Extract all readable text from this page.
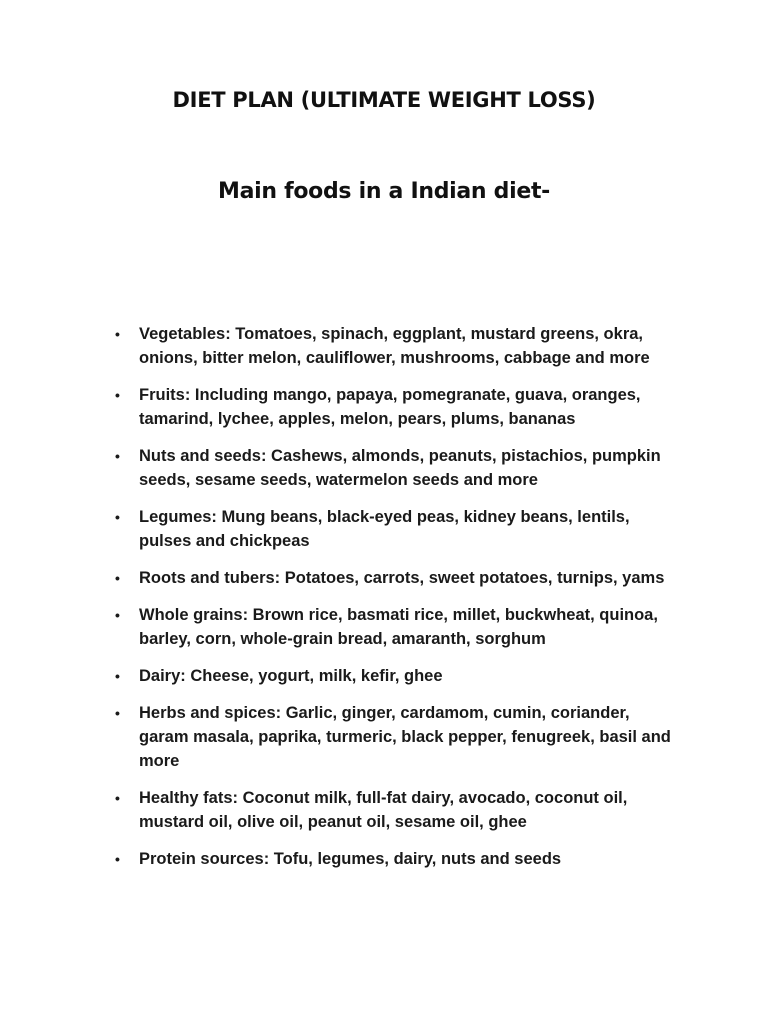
DIET PLAN (ULTIMATE WEIGHT LOSS)
Main foods in a Indian diet-
• Vegetables: Tomatoes, spinach, eggplant, mustard greens, okra, onions, bitter melon, cauliflower, mushrooms, cabbage and more
• Fruits: Including mango, papaya, pomegranate, guava, oranges, tamarind, lychee, apples, melon, pears, plums, bananas
• Nuts and seeds: Cashews, almonds, peanuts, pistachios, pumpkin seeds, sesame seeds, watermelon seeds and more
• Legumes: Mung beans, black-eyed peas, kidney beans, lentils, pulses and chickpeas
• Roots and tubers: Potatoes, carrots, sweet potatoes, turnips, yams
• Whole grains: Brown rice, basmati rice, millet, buckwheat, quinoa, barley, corn, whole-grain bread, amaranth, sorghum
• Dairy: Cheese, yogurt, milk, kefir, ghee
• Herbs and spices: Garlic, ginger, cardamom, cumin, coriander, garam masala, paprika, turmeric, black pepper, fenugreek, basil and more
• Healthy fats: Coconut milk, full-fat dairy, avocado, coconut oil, mustard oil, olive oil, peanut oil, sesame oil, ghee
• Protein sources: Tofu, legumes, dairy, nuts and seeds
